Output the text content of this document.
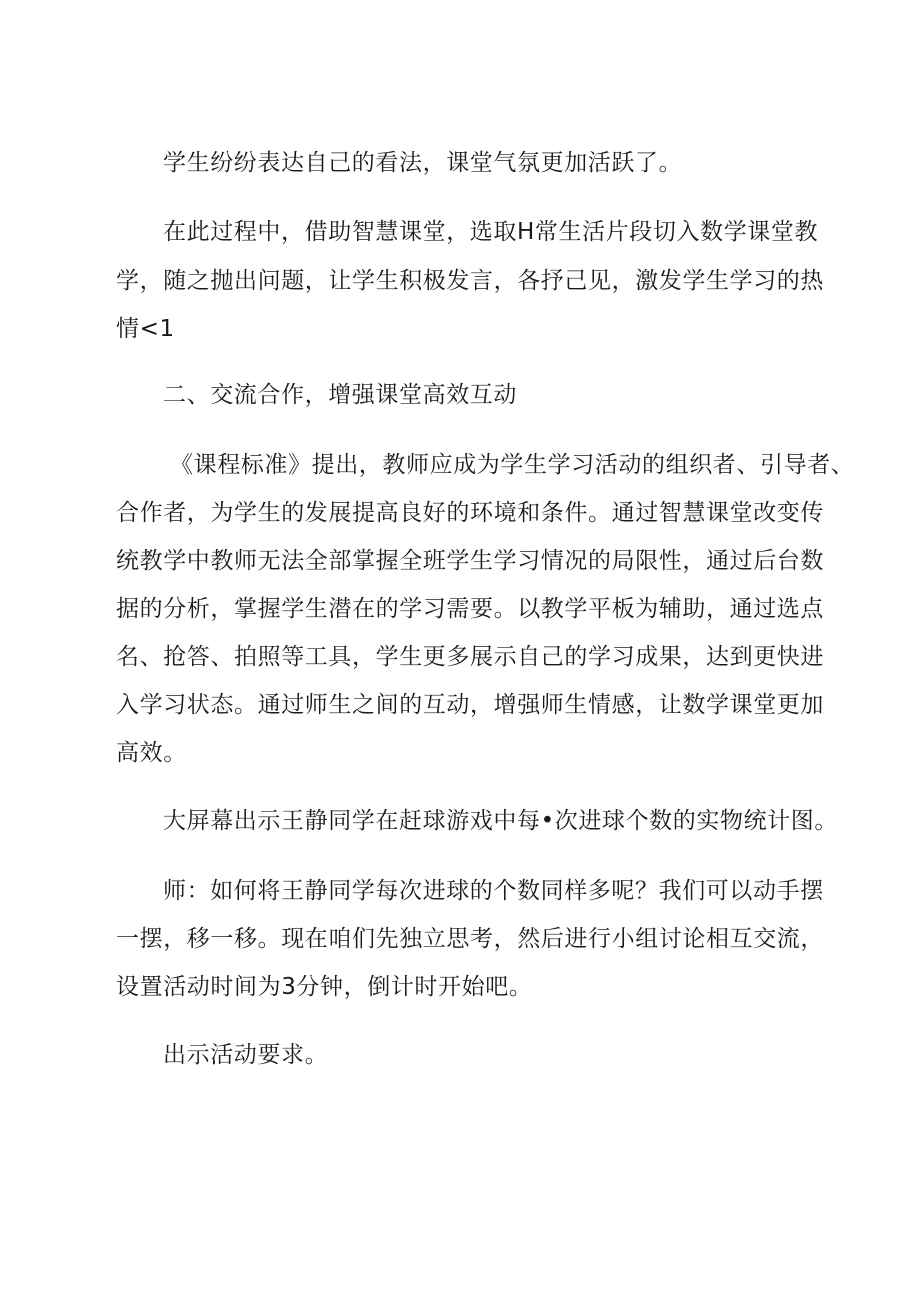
学生纷纷表达自己的看法，课堂气氛更加活跃了。

在此过程中，借助智慧课堂，选取H常生活片段切入数学课堂教

学，随之抛出问题，让学生积极发言，各抒己见，激发学生学习的热

情<1

二、交流合作，增强课堂高效互动

《课程标准》提出，教师应成为学生学习活动的组织者、引导者、

合作者，为学生的发展提高良好的环境和条件。通过智慧课堂改变传

统教学中教师无法全部掌握全班学生学习情况的局限性，通过后台数

据的分析，掌握学生潜在的学习需要。以教学平板为辅助，通过选点

名、抢答、拍照等工具，学生更多展示自己的学习成果，达到更快进

入学习状态。通过师生之间的互动，增强师生情感，让数学课堂更加

高效。

大屏幕出示王静同学在赶球游戏中每•次进球个数的实物统计图。

师：如何将王静同学每次进球的个数同样多呢？我们可以动手摆

一摆，移一移。现在咱们先独立思考，然后进行小组讨论相互交流，

设置活动时间为3分钟，倒计时开始吧。

出示活动要求。
